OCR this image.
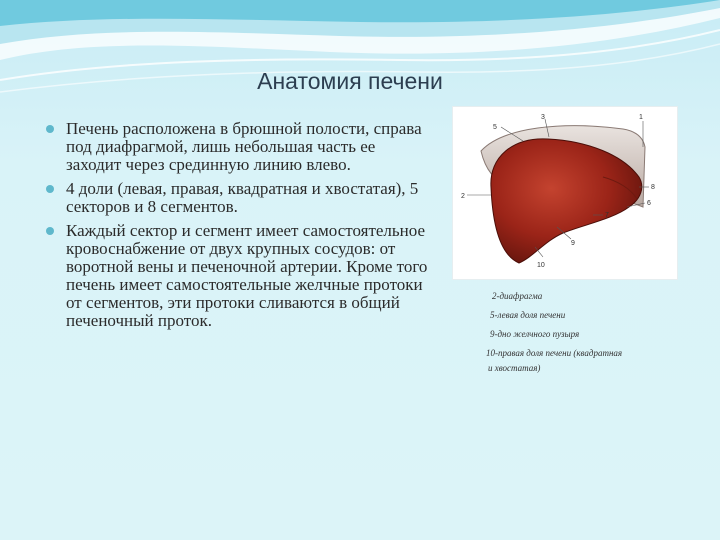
Анатомия печени
Печень расположена в брюшной полости, справа под диафрагмой, лишь небольшая часть ее заходит через срединную линию влево.
4 доли (левая, правая, квадратная и хвостатая), 5 секторов и 8 сегментов.
Каждый сектор и сегмент имеет самостоятельное кровоснабжение от двух крупных сосудов: от воротной вены и печеночной артерии. Кроме того печень имеет самостоятельные желчные протоки от сегментов, эти протоки сливаются в общий печеночный проток.
5
3	1
2
8
6
7
9
10
2-диафрагма
5-левая доля печени
9-дно желчного пузыря
10-правая доля печени (квадратная
и хвостатая)
